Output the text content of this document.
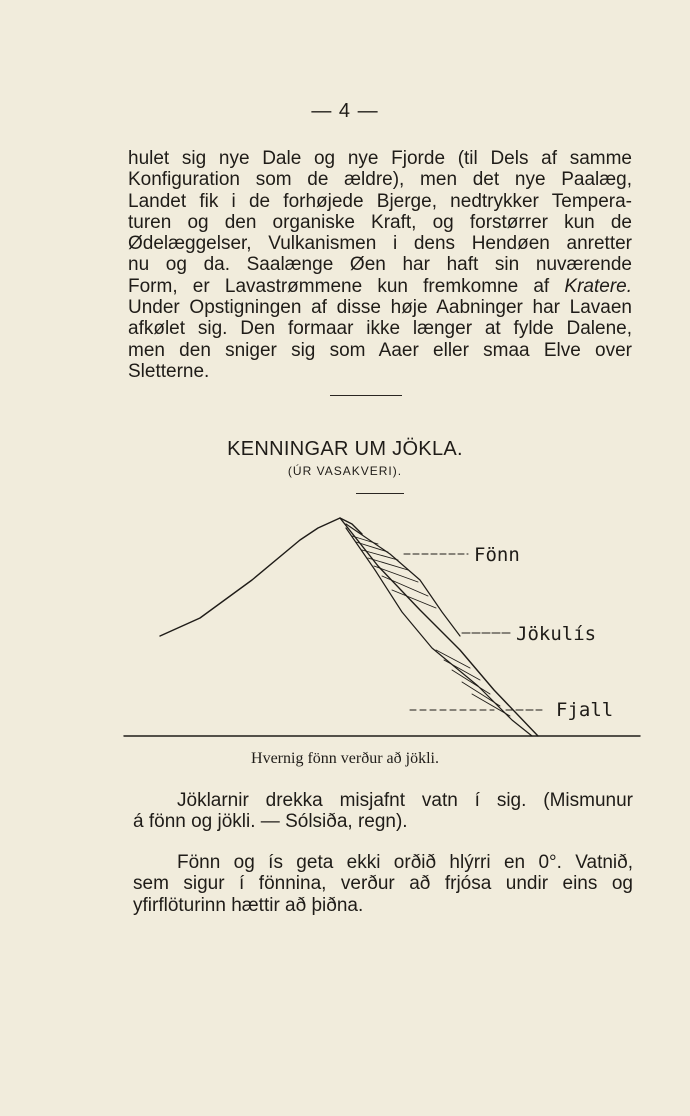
— 4 —
hulet sig nye Dale og nye Fjorde (til Dels af samme
Konfiguration som de ældre), men det nye Paalæg,
Landet fik i de forhøjede Bjerge, nedtrykker Tempera-
turen og den organiske Kraft, og forstørrer kun de
Ødelæggelser, Vulkanismen i dens Hendøen anretter
nu og da. Saalænge Øen har haft sin nuværende
Form, er Lavastrømmene kun fremkomne af Kratere.
Under Opstigningen af disse høje Aabninger har Lavaen
afkølet sig. Den formaar ikke længer at fylde Dalene,
men den sniger sig som Aaer eller smaa Elve over
Sletterne.
KENNINGAR UM JÖKLA.
(ÚR VASAKVERI).
Fönn
Jökulís
Fjall
Hvernig fönn verður að jökli.
Jöklarnir drekka misjafnt vatn í sig. (Mismunur
á fönn og jökli. — Sólsiða, regn).
Fönn og ís geta ekki orðið hlýrri en 0°. Vatnið,
sem sigur í fönnina, verður að frjósa undir eins og
yfirflöturinn hættir að þiðna.
